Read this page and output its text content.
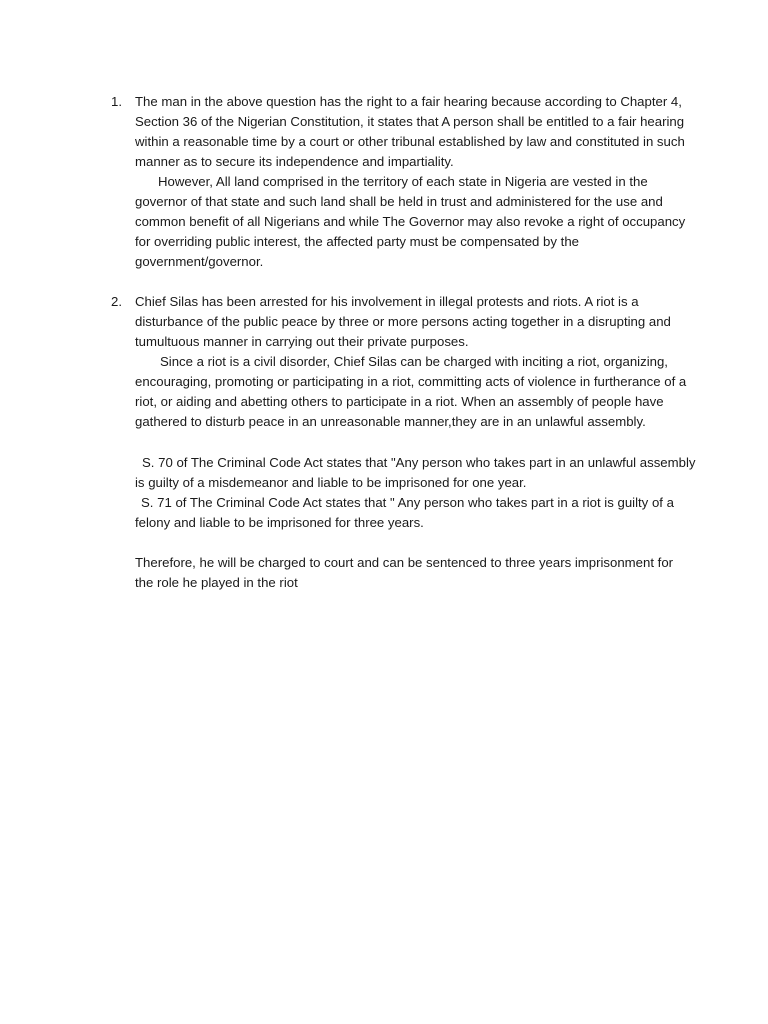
1. The man in the above question has the right to a fair hearing because according to Chapter 4,
Section 36 of the Nigerian Constitution, it states that A person shall be entitled to a fair hearing
within a reasonable time by a court or other tribunal established by law and constituted in such
manner as to secure its independence and impartiality.
However, All land comprised in the territory of each state in Nigeria are vested in the
governor of that state and such land shall be held in trust and administered for the use and
common benefit of all Nigerians and while The Governor may also revoke a right of occupancy
for overriding public interest, the affected party must be compensated by the
government/governor.
2. Chief Silas has been arrested for his involvement in illegal protests and riots. A riot is a
disturbance of the public peace by three or more persons acting together in a disrupting and
tumultuous manner in carrying out their private purposes.
Since a riot is a civil disorder, Chief Silas can be charged with inciting a riot, organizing,
encouraging, promoting or participating in a riot, committing acts of violence in furtherance of a
riot, or aiding and abetting others to participate in a riot. When an assembly of people have
gathered to disturb peace in an unreasonable manner,they are in an unlawful assembly.
S. 70 of The Criminal Code Act states that "Any person who takes part in an unlawful assembly
is guilty of a misdemeanor and liable to be imprisoned for one year.
S. 71 of The Criminal Code Act states that " Any person who takes part in a riot is guilty of a
felony and liable to be imprisoned for three years.
Therefore, he will be charged to court and can be sentenced to three years imprisonment for
the role he played in the riot
